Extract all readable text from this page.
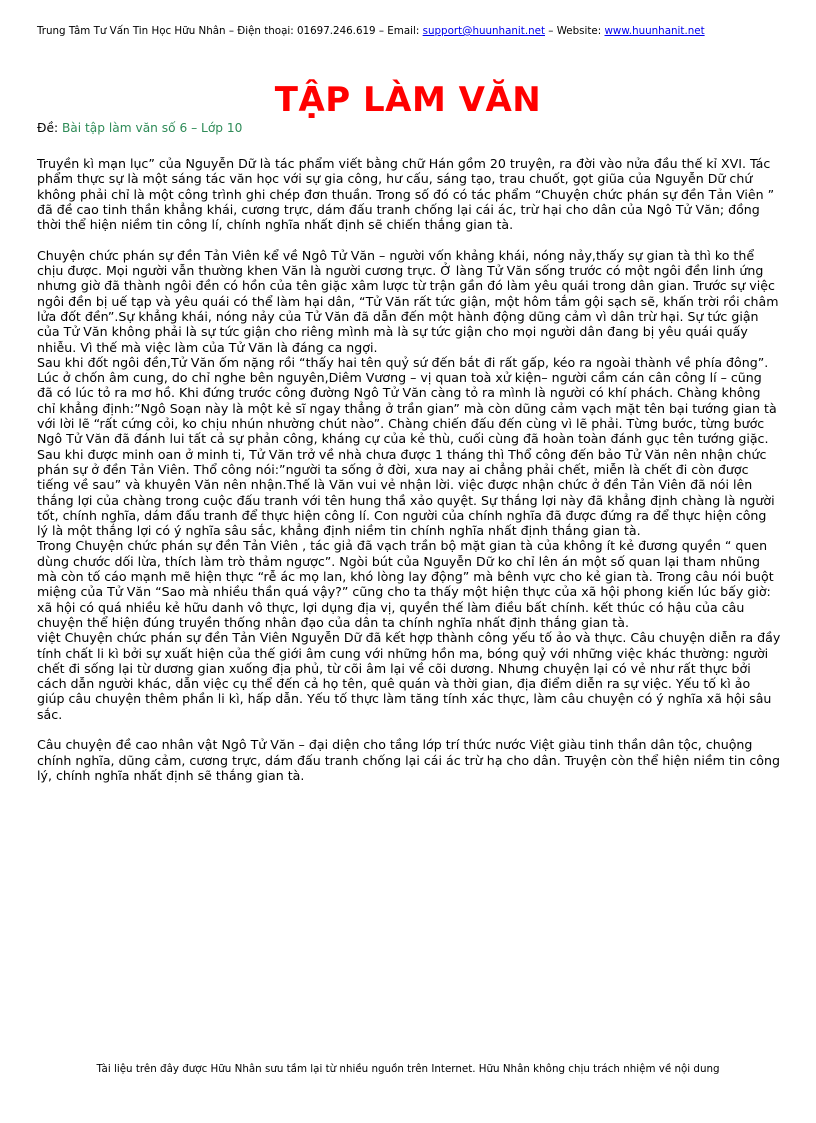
Trung Tâm Tư Vấn Tin Học Hữu Nhân – Điện thoại: 01697.246.619 – Email: support@huunhanit.net – Website: www.huunhanit.net
TẬP LÀM VĂN
Đề: Bài tập làm văn số 6 – Lớp 10

Truyền kì mạn lục” của Nguyễn Dữ là tác phẩm viết bằng chữ Hán gồm 20 truyện, ra đời vào nửa đầu thế kỉ XVI. Tác phẩm thực sự là một sáng tác văn học với sự gia công, hư cấu, sáng tạo, trau chuốt, gọt giũa của Nguyễn Dữ chứ không phải chỉ là một công trình ghi chép đơn thuần. Trong số đó có tác phẩm “Chuyện chức phán sự đền Tản Viên ” đã đề cao tinh thần khẳng khái, cương trực, dám đấu tranh chống lại cái ác, trừ hại cho dân của Ngô Tử Văn; đồng thời thể hiện niềm tin công lí, chính nghĩa nhất định sẽ chiến thắng gian tà.

Chuyện chức phán sự đền Tản Viên kể về Ngô Tử Văn – người vốn khảng khái, nóng nảy,thấy sự gian tà thì ko thể chịu được. Mọi người vẫn thường khen Văn là người cương trực. Ở làng Tử Văn sống trước có một ngôi đền linh ứng nhưng giờ đã thành ngôi đền có hồn của tên giặc xâm lược từ trận gần đó làm yêu quái trong dân gian. Trước sự việc ngôi đền bị uế tạp và yêu quái có thể làm hại dân, “Tử Văn rất tức giận, một hôm tắm gội sạch sẽ, khấn trời rồi châm lửa đốt đền”.Sự khẳng khái, nóng nảy của Tử Văn đã dẫn đến một hành động dũng cảm vì dân trừ hại. Sự tức giận của Tử Văn không phải là sự tức giận cho riêng mình mà là sự tức giận cho mọi người dân đang bị yêu quái quấy nhiễu. Vì thế mà việc làm của Tử Văn là đáng ca ngợi.

Sau khi đốt ngôi đền,Tử Văn ốm nặng rồi “thấy hai tên quỷ sứ đến bắt đi rất gấp, kéo ra ngoài thành về phía đông”. Lúc ở chốn âm cung, do chỉ nghe bên nguyên,Diêm Vương – vị quan toà xử kiện– người cầm cán cân công lí – cũng đã có lúc tỏ ra mơ hồ. Khi đứng trước công đường Ngô Tử Văn càng tỏ ra mình là người có khí phách. Chàng không chỉ khẳng định:”Ngô Soạn này là một kẻ sĩ ngay thẳng ở trần gian” mà còn dũng cảm vạch mặt tên bại tướng gian tà với lời lẽ “rất cứng cỏi, ko chịu nhún nhường chút nào”. Chàng chiến đấu đến cùng vì lẽ phải. Từng bước, từng bước Ngô Tử Văn đã đánh lui tất cả sự phản công, kháng cự của kẻ thù, cuối cùng đã hoàn toàn đánh gục tên tướng giặc.

Sau khi được minh oan ở minh ti, Tử Văn trở về nhà chưa được 1 tháng thì Thổ công đến bảo Tử Văn nên nhận chức phán sự ở đền Tản Viên. Thổ công nói:”người ta sống ở đời, xưa nay ai chẳng phải chết, miễn là chết đi còn được tiếng về sau” và khuyên Văn nên nhận.Thế là Văn vui vẻ nhận lời. việc được nhận chức ở đền Tản Viên đã nói lên thắng lợi của chàng trong cuộc đấu tranh với tên hung thầ xảo quyệt. Sự thắng lợi này đã khẳng định chàng là người tốt, chính nghĩa, dám đấu tranh để thực hiện công lí. Con người của chính nghĩa đã được đứng ra để thực hiện công lý là một thắng lợi có ý nghĩa sâu sắc, khẳng định niềm tin chính nghĩa nhất định thắng gian tà.

Trong Chuyện chức phán sự đền Tản Viên , tác giả đã vạch trần bộ mặt gian tà của không ít kẻ đương quyền “ quen dùng chước dối lừa, thích làm trò thảm ngược”. Ngòi bút của Nguyễn Dữ ko chỉ lên án một số quan lại tham nhũng mà còn tố cáo mạnh mẽ hiện thực “rễ ác mọ lan, khó lòng lay động” mà bênh vực cho kẻ gian tà. Trong câu nói buột miệng của Tử Văn “Sao mà nhiều thần quá vậy?” cũng cho ta thấy một hiện thực của xã hội phong kiến lúc bấy giờ: xã hội có quá nhiều kẻ hữu danh vô thực, lợi dụng địa vị, quyền thế làm điều bất chính. kết thúc có hậu của câu chuyện thể hiện đúng truyền thống nhân đạo của dân ta chính nghĩa nhất định thắng gian tà.

việt Chuyện chức phán sự đền Tản Viên Nguyễn Dữ đã kết hợp thành công yếu tố ảo và thực. Câu chuyện diễn ra đầy tính chất li kì bởi sự xuất hiện của thế giới âm cung với những hồn ma, bóng quỷ với những việc khác thường: người chết đi sống lại từ dương gian xuống địa phủ, từ cõi âm lại về cõi dương. Nhưng chuyện lại có vẻ như rất thực bởi cách dẫn người khác, dẫn việc cụ thể đến cả họ tên, quê quán và thời gian, địa điểm diễn ra sự việc. Yếu tố kì ảo giúp câu chuyện thêm phần li kì, hấp dẫn. Yếu tố thực làm tăng tính xác thực, làm câu chuyện có ý nghĩa xã hội sâu sắc.

Câu chuyện đề cao nhân vật Ngô Tử Văn – đại diện cho tầng lớp trí thức nước Việt giàu tinh thần dân tộc, chuộng chính nghĩa, dũng cảm, cương trực, dám đấu tranh chống lại cái ác trừ hạ cho dân. Truyện còn thể hiện niềm tin công lý, chính nghĩa nhất định sẽ thắng gian tà.

Tài liệu trên đây được Hữu Nhân sưu tầm lại từ nhiều nguồn trên Internet. Hữu Nhân không chịu trách nhiệm về nội dung
